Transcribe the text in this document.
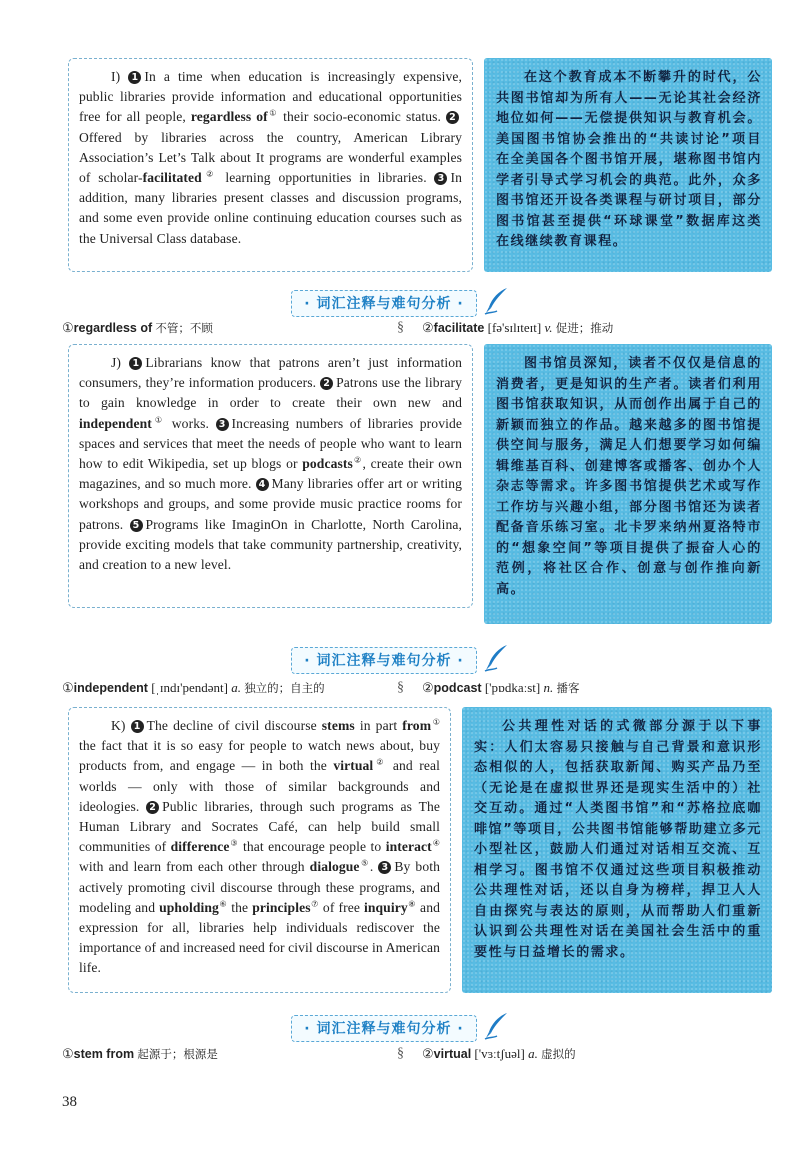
I) 1 In a time when education is increasingly expensive, public libraries provide information and educational opportunities free for all people, regardless of① their socio-economic status. 2Offered by libraries across the country, American Library Association’s Let’s Talk about It programs are wonderful examples of scholar-facilitated② learning opportunities in libraries. 3 In addition, many libraries present classes and discussion programs, and some even provide online continuing education courses such as the Universal Class database.

在这个教育成本不断攀升的时代，公共图书馆却为所有人——无论其社会经济地位如何——无偿提供知识与教育机会。美国图书馆协会推出的“共读讨论”项目在全美国各个图书馆开展，堪称图书馆内学者引导式学习机会的典范。此外，众多图书馆还开设各类课程与研讨项目，部分图书馆甚至提供“环球课堂”数据库这类在线继续教育课程。

· 词汇注释与难句分析 ·
①regardless of 不管；不顾	§ ②facilitate [fə'sɪlɪteɪt] v. 促进；推动
J) 1 Librarians know that patrons aren’t just information consumers, they’re information producers. 2 Patrons use the library to gain knowledge in order to create their own new and independent① works. 3 Increasing numbers of libraries provide spaces and services that meet the needs of people who want to learn how to edit Wikipedia, set up blogs or podcasts②, create their own magazines, and so much more. 4 Many libraries offer art or writing workshops and groups, and some provide music practice rooms for patrons. 5 Programs like ImaginOn in Charlotte, North Carolina, provide exciting models that take community partnership, creativity, and creation to a new level.

图书馆员深知，读者不仅仅是信息的消费者，更是知识的生产者。读者们利用图书馆获取知识，从而创作出属于自己的新颖而独立的作品。越来越多的图书馆提供空间与服务，满足人们想要学习如何编辑维基百科、创建博客或播客、创办个人杂志等需求。许多图书馆提供艺术或写作工作坊与兴趣小组，部分图书馆还为读者配备音乐练习室。北卡罗来纳州夏洛特市的“想象空间”等项目提供了振奋人心的范例，将社区合作、创意与创作推向新高。

· 词汇注释与难句分析 ·
①independent [ˌɪndɪ'pendənt] a. 独立的；自主的	§ ②podcast ['pɒdkaːst] n. 播客
K) 1 The decline of civil discourse stems in part from① the fact that it is so easy for people to watch news about, buy products from, and engage — in both the virtual② and real worlds — only with those of similar backgrounds and ideologies. 2 Public libraries, through such programs as The Human Library and Socrates Café, can help build small communities of difference③ that encourage people to interact④ with and learn from each other through dialogue⑤. 3 By both actively promoting civil discourse through these programs, and modeling and upholding⑥ the principles⑦ of free inquiry⑧ and expression for all, libraries help individuals rediscover the importance of and increased need for civil discourse in American life.

公共理性对话的式微部分源于以下事实：人们太容易只接触与自己背景和意识形态相似的人，包括获取新闻、购买产品乃至（无论是在虚拟世界还是现实生活中的）社交互动。通过“人类图书馆”和“苏格拉底咖啡馆”等项目，公共图书馆能够帮助建立多元小型社区，鼓励人们通过对话相互交流、互相学习。图书馆不仅通过这些项目积极推动公共理性对话，还以自身为榜样，捍卫人人自由探究与表达的原则，从而帮助人们重新认识到公共理性对话在美国社会生活中的重要性与日益增长的需求。

· 词汇注释与难句分析 ·
①stem from 起源于；根源是	§ ②virtual ['vɜːtʃuəl] a. 虚拟的
38
